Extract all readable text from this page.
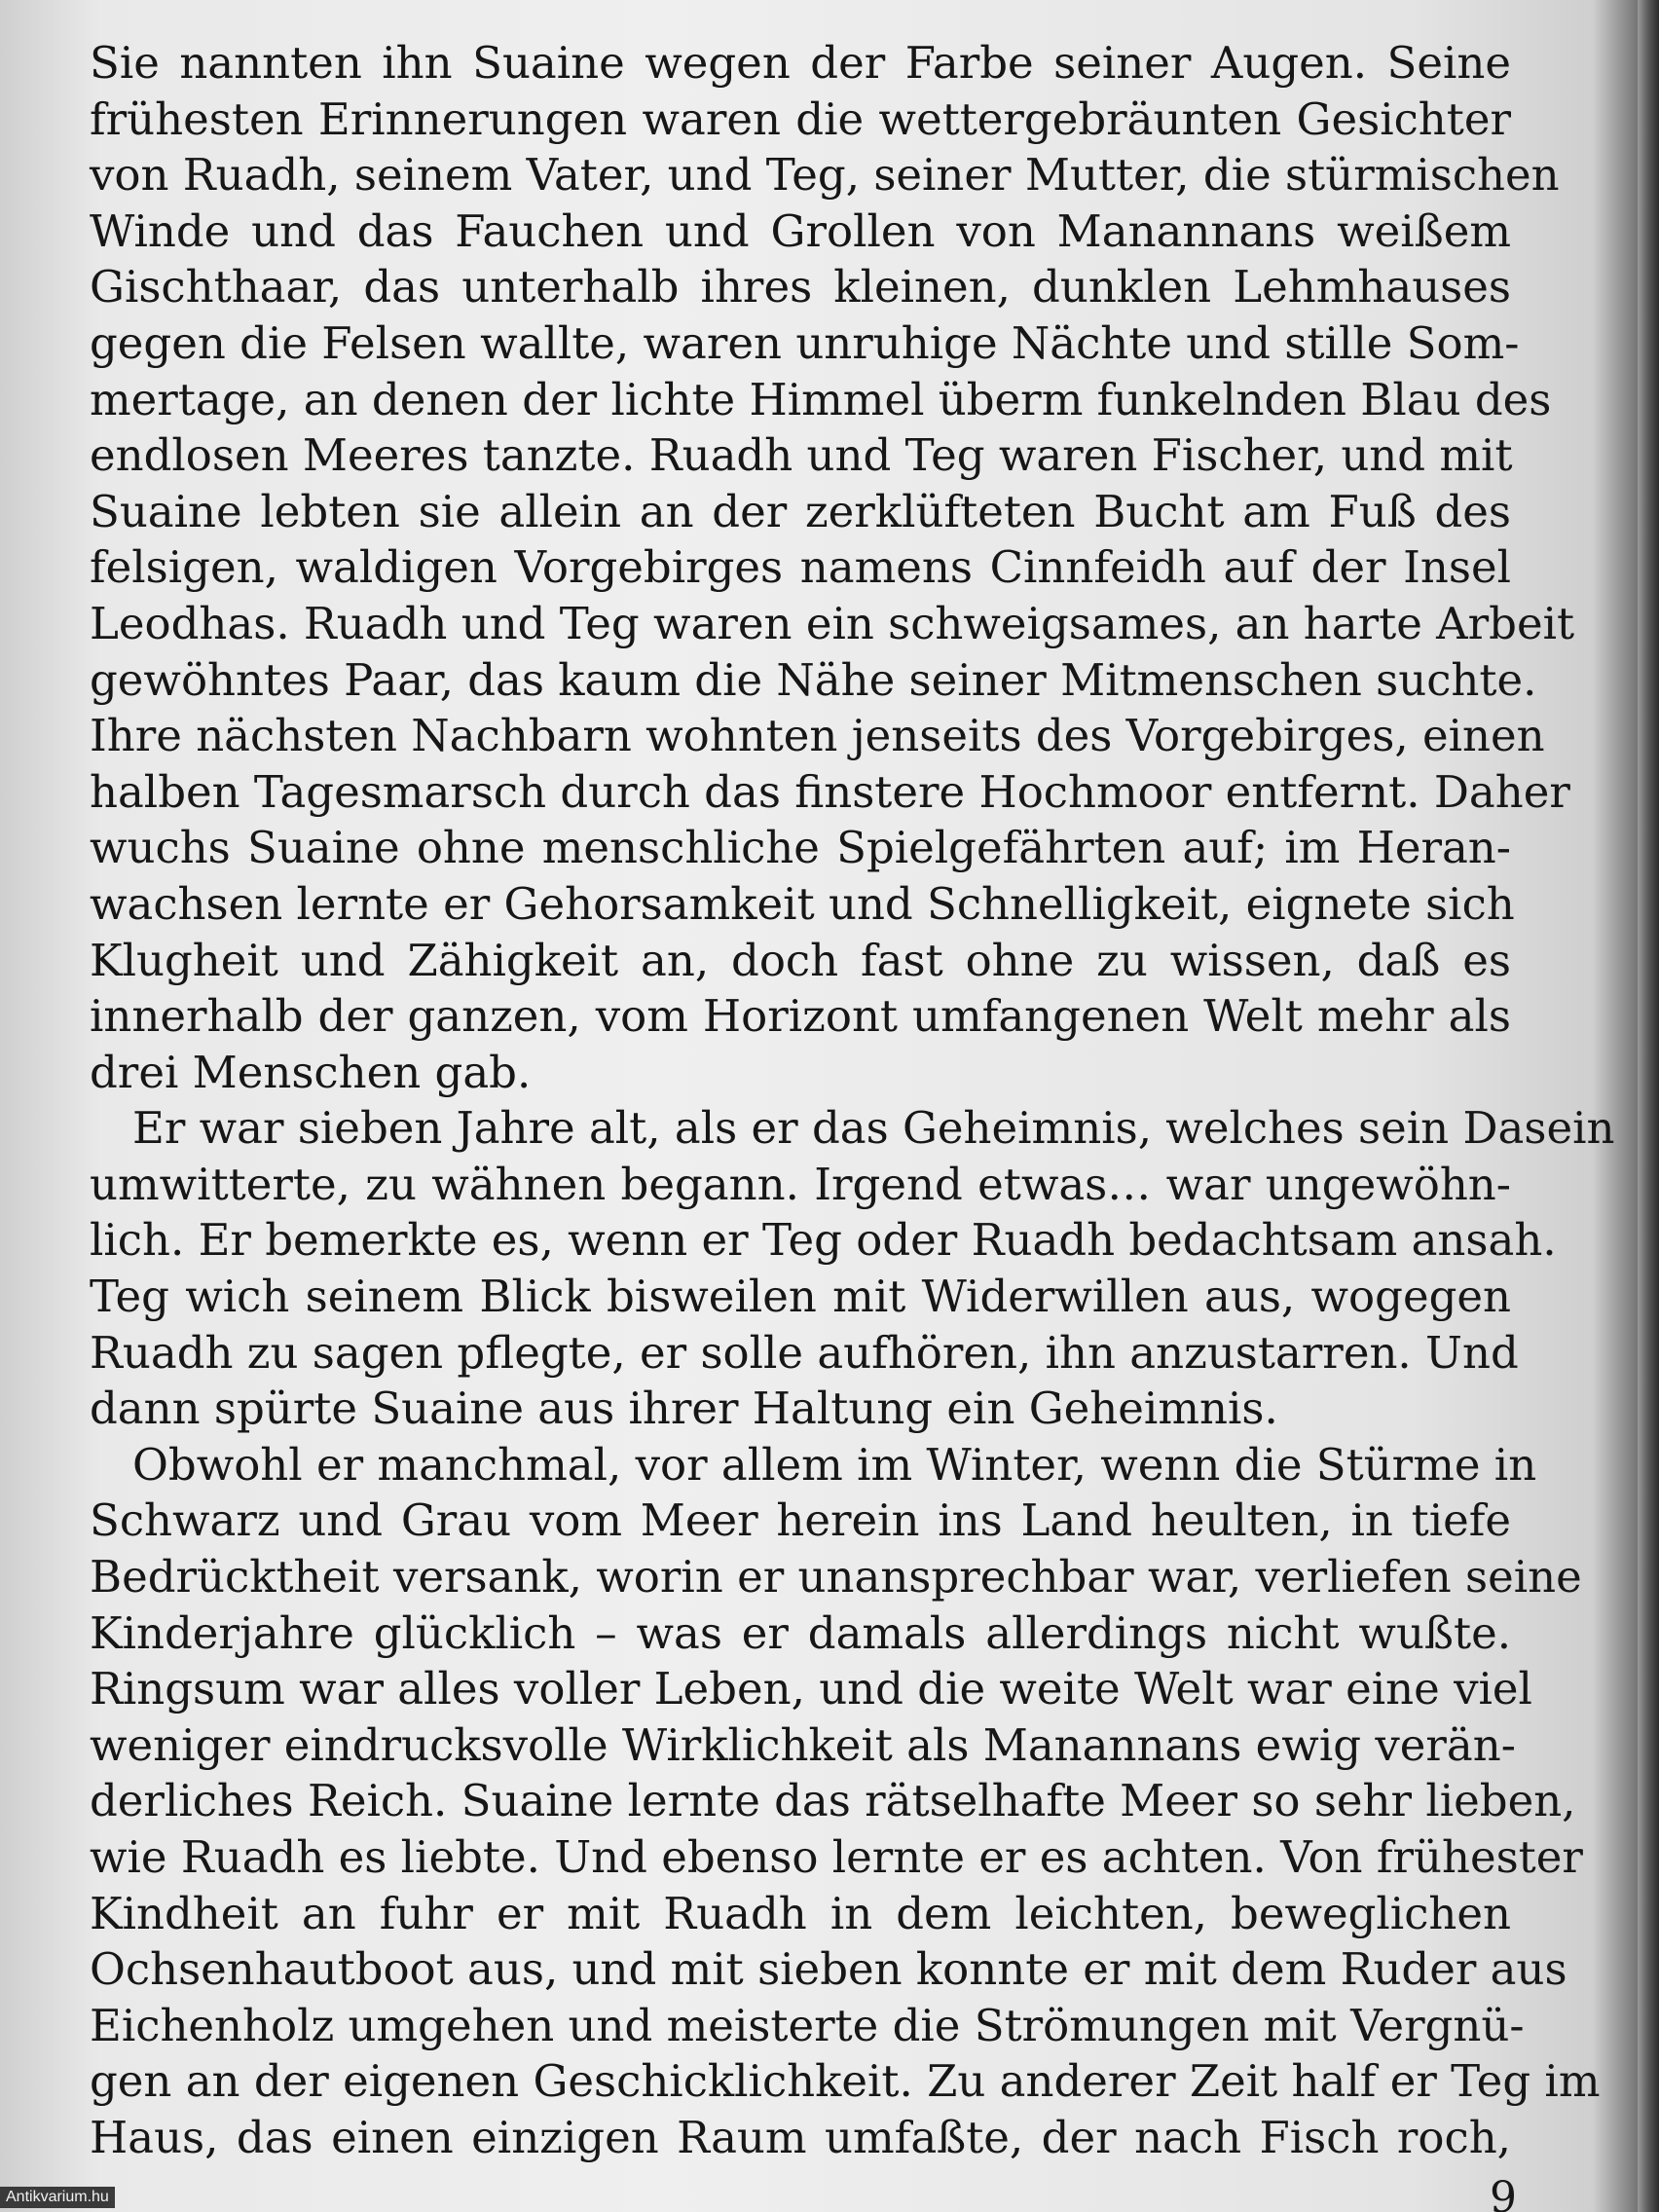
Sie nannten ihn Suaine wegen der Farbe seiner Augen. Seine
frühesten Erinnerungen waren die wettergebräunten Gesichter
von Ruadh, seinem Vater, und Teg, seiner Mutter, die stürmischen
Winde und das Fauchen und Grollen von Manannans weißem
Gischthaar, das unterhalb ihres kleinen, dunklen Lehmhauses
gegen die Felsen wallte, waren unruhige Nächte und stille Som-
mertage, an denen der lichte Himmel überm funkelnden Blau des
endlosen Meeres tanzte. Ruadh und Teg waren Fischer, und mit
Suaine lebten sie allein an der zerklüfteten Bucht am Fuß des
felsigen, waldigen Vorgebirges namens Cinnfeidh auf der Insel
Leodhas. Ruadh und Teg waren ein schweigsames, an harte Arbeit
gewöhntes Paar, das kaum die Nähe seiner Mitmenschen suchte.
Ihre nächsten Nachbarn wohnten jenseits des Vorgebirges, einen
halben Tagesmarsch durch das finstere Hochmoor entfernt. Daher
wuchs Suaine ohne menschliche Spielgefährten auf; im Heran-
wachsen lernte er Gehorsamkeit und Schnelligkeit, eignete sich
Klugheit und Zähigkeit an, doch fast ohne zu wissen, daß es
innerhalb der ganzen, vom Horizont umfangenen Welt mehr als
drei Menschen gab.
Er war sieben Jahre alt, als er das Geheimnis, welches sein Dasein
umwitterte, zu wähnen begann. Irgend etwas… war ungewöhn-
lich. Er bemerkte es, wenn er Teg oder Ruadh bedachtsam ansah.
Teg wich seinem Blick bisweilen mit Widerwillen aus, wogegen
Ruadh zu sagen pflegte, er solle aufhören, ihn anzustarren. Und
dann spürte Suaine aus ihrer Haltung ein Geheimnis.
Obwohl er manchmal, vor allem im Winter, wenn die Stürme in
Schwarz und Grau vom Meer herein ins Land heulten, in tiefe
Bedrücktheit versank, worin er unansprechbar war, verliefen seine
Kinderjahre glücklich – was er damals allerdings nicht wußte.
Ringsum war alles voller Leben, und die weite Welt war eine viel
weniger eindrucksvolle Wirklichkeit als Manannans ewig verän-
derliches Reich. Suaine lernte das rätselhafte Meer so sehr lieben,
wie Ruadh es liebte. Und ebenso lernte er es achten. Von frühester
Kindheit an fuhr er mit Ruadh in dem leichten, beweglichen
Ochsenhautboot aus, und mit sieben konnte er mit dem Ruder aus
Eichenholz umgehen und meisterte die Strömungen mit Vergnü-
gen an der eigenen Geschicklichkeit. Zu anderer Zeit half er Teg im
Haus, das einen einzigen Raum umfaßte, der nach Fisch roch,
9
Antikvarium.hu
